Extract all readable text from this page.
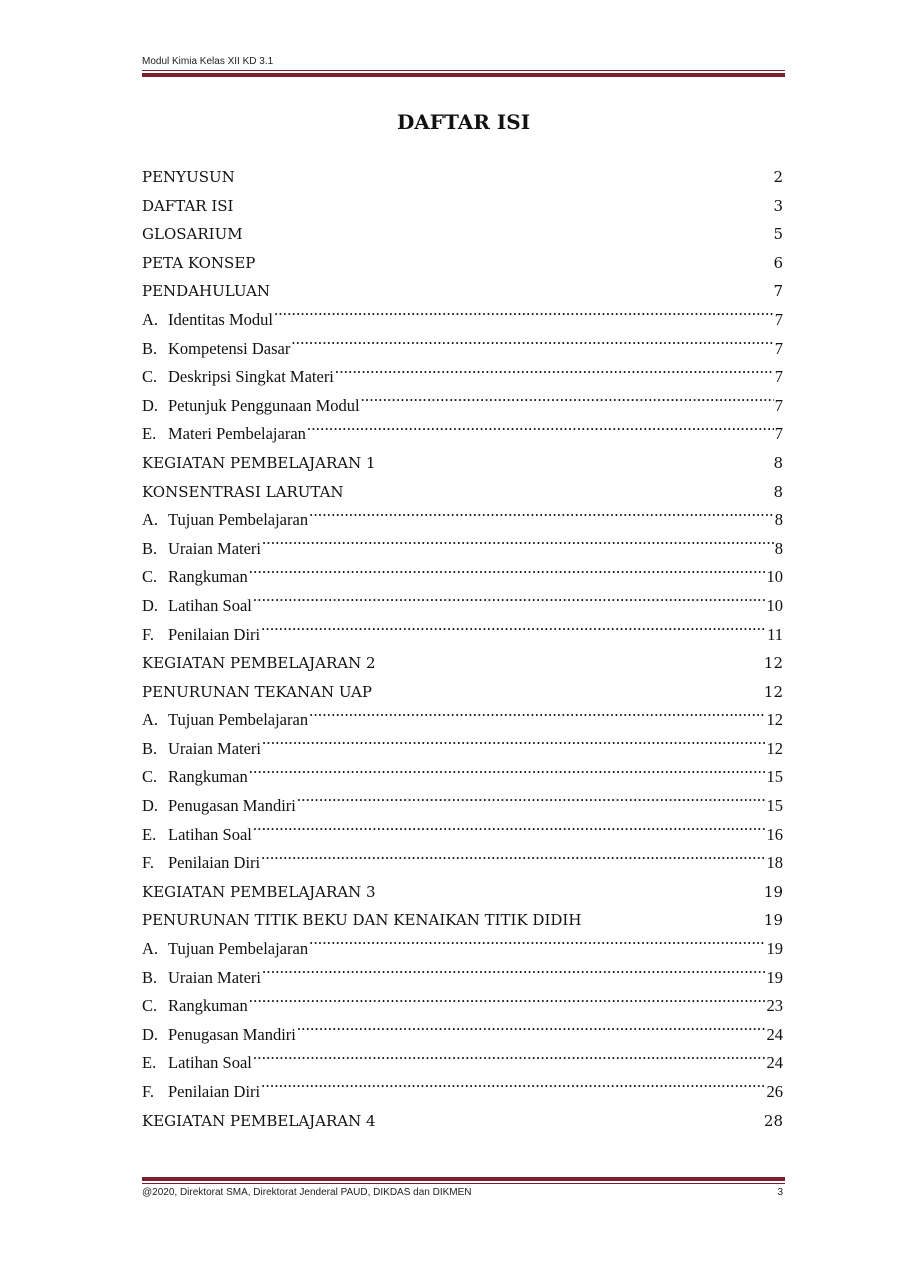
Modul Kimia Kelas XII KD 3.1
DAFTAR ISI
PENYUSUN .....	2
DAFTAR ISI .....	3
GLOSARIUM .....	5
PETA KONSEP .....	6
PENDAHULUAN .....	7
A. Identitas Modul .....	7
B. Kompetensi Dasar .....	7
C. Deskripsi Singkat Materi .....	7
D. Petunjuk Penggunaan Modul .....	7
E. Materi Pembelajaran .....	7
KEGIATAN PEMBELAJARAN 1 .....	8
KONSENTRASI LARUTAN .....	8
A. Tujuan Pembelajaran .....	8
B. Uraian Materi .....	8
C. Rangkuman .....	10
D. Latihan Soal .....	10
F. Penilaian Diri .....	11
KEGIATAN PEMBELAJARAN 2 .....	12
PENURUNAN TEKANAN UAP .....	12
A. Tujuan Pembelajaran .....	12
B. Uraian Materi .....	12
C. Rangkuman .....	15
D. Penugasan Mandiri .....	15
E. Latihan Soal .....	16
F. Penilaian Diri .....	18
KEGIATAN PEMBELAJARAN 3 .....	19
PENURUNAN TITIK BEKU DAN KENAIKAN TITIK DIDIH .....	19
A. Tujuan Pembelajaran .....	19
B. Uraian Materi .....	19
C. Rangkuman .....	23
D. Penugasan Mandiri .....	24
E. Latihan Soal .....	24
F. Penilaian Diri .....	26
KEGIATAN PEMBELAJARAN 4 .....	28
@2020, Direktorat SMA, Direktorat Jenderal PAUD, DIKDAS dan DIKMEN	3
